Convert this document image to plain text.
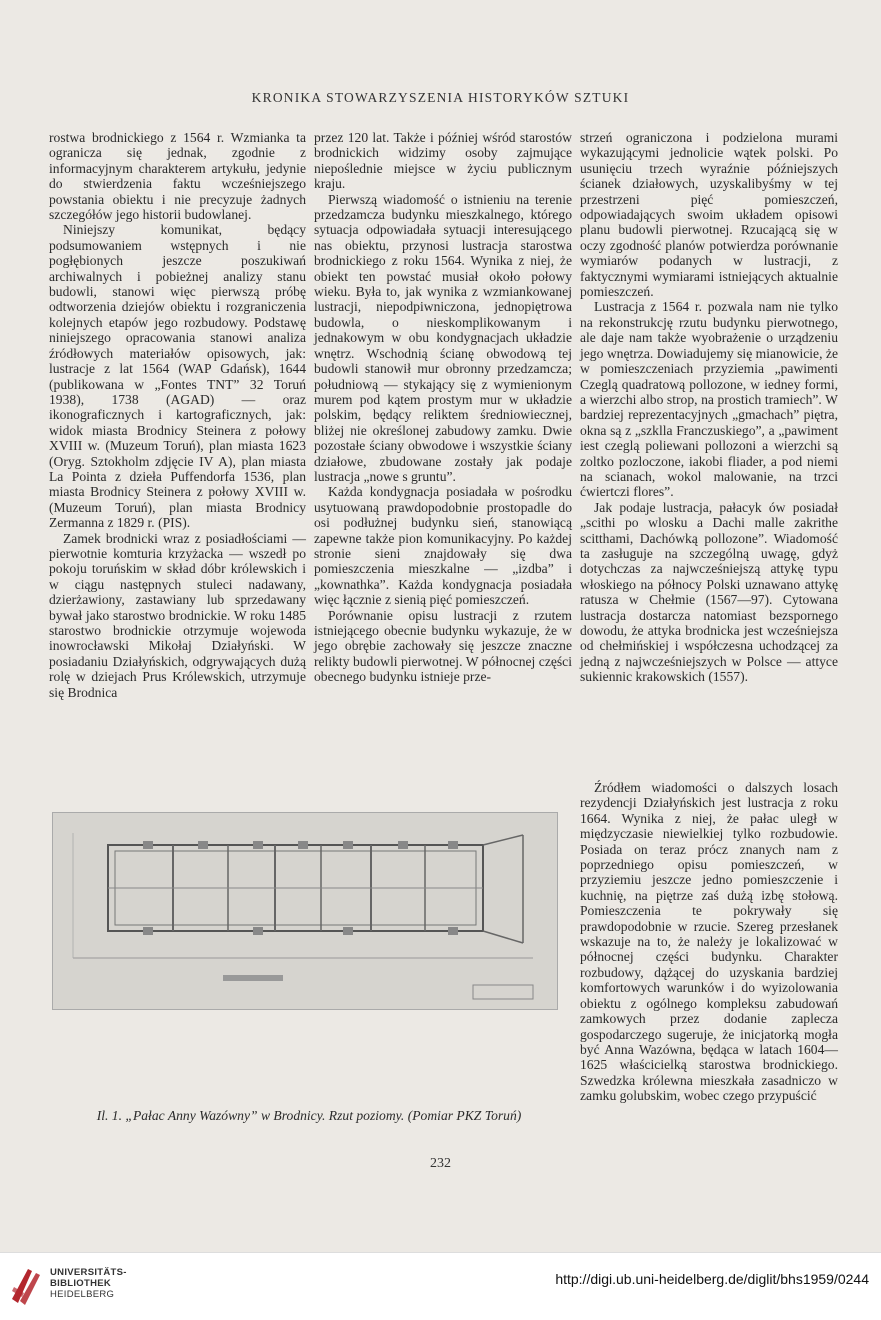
KRONIKA STOWARZYSZENIA HISTORYKÓW SZTUKI

rostwa brodnickiego z 1564 r. Wzmianka ta ogranicza się jednak, zgodnie z informacyjnym charakterem artykułu, jedynie do stwierdzenia faktu wcześniejszego powstania obiektu i nie precyzuje żadnych szczegółów jego historii budowlanej.

Niniejszy komunikat, będący podsumowaniem wstępnych i nie pogłębionych jeszcze poszukiwań archiwalnych i pobieżnej analizy stanu budowli, stanowi więc pierwszą próbę odtworzenia dziejów obiektu i rozgraniczenia kolejnych etapów jego rozbudowy. Podstawę niniejszego opracowania stanowi analiza źródłowych materiałów opisowych, jak: lustracje z lat 1564 (WAP Gdańsk), 1644 (publikowana w „Fontes TNT” 32 Toruń 1938), 1738 (AGAD) — oraz ikonograficznych i kartograficznych, jak: widok miasta Brodnicy Steinera z połowy XVIII w. (Muzeum Toruń), plan miasta 1623 (Oryg. Sztokholm zdjęcie IV A), plan miasta La Pointa z dzieła Puffendorfa 1536, plan miasta Brodnicy Steinera z połowy XVIII w. (Muzeum Toruń), plan miasta Brodnicy Zermanna z 1829 r. (PIS).

Zamek brodnicki wraz z posiadłościami — pierwotnie komturia krzyżacka — wszedł po pokoju toruńskim w skład dóbr królewskich i w ciągu następnych stuleci nadawany, dzierżawiony, zastawiany lub sprzedawany bywał jako starostwo brodnickie. W roku 1485 starostwo brodnickie otrzymuje wojewoda inowrocławski Mikołaj Działyński. W posiadaniu Działyńskich, odgrywających dużą rolę w dziejach Prus Królewskich, utrzymuje się Brodnica

przez 120 lat. Także i później wśród starostów brodnickich widzimy osoby zajmujące niepoślednie miejsce w życiu publicznym kraju.

Pierwszą wiadomość o istnieniu na terenie przedzamcza budynku mieszkalnego, którego sytuacja odpowiadała sytuacji interesującego nas obiektu, przynosi lustracja starostwa brodnickiego z roku 1564. Wynika z niej, że obiekt ten powstać musiał około połowy wieku. Była to, jak wynika z wzmiankowanej lustracji, niepodpiwniczona, jednopiętrowa budowla, o nieskomplikowanym i jednakowym w obu kondygnacjach układzie wnętrz. Wschodnią ścianę obwodową tej budowli stanowił mur obronny przedzamcza; południową — stykający się z wymienionym murem pod kątem prostym mur w układzie polskim, będący reliktem średniowiecznej, bliżej nie określonej zabudowy zamku. Dwie pozostałe ściany obwodowe i wszystkie ściany działowe, zbudowane zostały jak podaje lustracja „nowe s gruntu”.

Każda kondygnacja posiadała w pośrodku usytuowaną prawdopodobnie prostopadle do osi podłużnej budynku sień, stanowiącą zapewne także pion komunikacyjny. Po każdej stronie sieni znajdowały się dwa pomieszczenia mieszkalne — „izdba” i „kownathka”. Każda kondygnacja posiadała więc łącznie z sienią pięć pomieszczeń.

Porównanie opisu lustracji z rzutem istniejącego obecnie budynku wykazuje, że w jego obrębie zachowały się jeszcze znaczne relikty budowli pierwotnej. W północnej części obecnego budynku istnieje prze-

strzeń ograniczona i podzielona murami wykazującymi jednolicie wątek polski. Po usunięciu trzech wyraźnie późniejszych ścianek działowych, uzyskalibyśmy w tej przestrzeni pięć pomieszczeń, odpowiadających swoim układem opisowi planu budowli pierwotnej. Rzucającą się w oczy zgodność planów potwierdza porównanie wymiarów podanych w lustracji, z faktycznymi wymiarami istniejących aktualnie pomieszczeń.

Lustracja z 1564 r. pozwala nam nie tylko na rekonstrukcję rzutu budynku pierwotnego, ale daje nam także wyobrażenie o urządzeniu jego wnętrza. Dowiadujemy się mianowicie, że w pomieszczeniach przyziemia „pawimenti Czeglą quadratową pollozone, w iedney formi, a wierzchi albo strop, na prostich tramiech”. W bardziej reprezentacyjnych „gmachach” piętra, okna są z „szklla Franczuskiego”, a „pawiment iest czeglą poliewani pollozoni a wierzchi są zoltko pozloczone, iakobi fliader, a pod niemi na scianach, wokol malowanie, na trzci ćwiertczi flores”.

Jak podaje lustracja, pałacyk ów posiadał „scithi po wlosku a Dachi malle zakrithe scitthami, Dachówką pollozone”. Wiadomość ta zasługuje na szczególną uwagę, gdyż dotychczas za najwcześniejszą attykę typu włoskiego na północy Polski uznawano attykę ratusza w Chełmie (1567—97). Cytowana lustracja dostarcza natomiast bezspornego dowodu, że attyka brodnicka jest wcześniejsza od chełmińskiej i współczesna uchodzącej za jedną z najwcześniejszych w Polsce — attyce sukiennic krakowskich (1557).

Źródłem wiadomości o dalszych losach rezydencji Działyńskich jest lustracja z roku 1664. Wynika z niej, że pałac uległ w międzyczasie niewielkiej tylko rozbudowie. Posiada on teraz prócz znanych nam z poprzedniego opisu pomieszczeń, w przyziemiu jeszcze jedno pomieszczenie i kuchnię, na piętrze zaś dużą izbę stołową. Pomieszczenia te pokrywały się prawdopodobnie w rzucie. Szereg przesłanek wskazuje na to, że należy je lokalizować w północnej części budynku. Charakter rozbudowy, dążącej do uzyskania bardziej komfortowych warunków i do wyizolowania obiektu z ogólnego kompleksu zabudowań zamkowych przez dodanie zaplecza gospodarczego sugeruje, że inicjatorką mogła być Anna Wazówna, będąca w latach 1604—1625 właścicielką starostwa brodnickiego. Szwedzka królewna mieszkała zasadniczo w zamku golubskim, wobec czego przypuścić

Il. 1. „Pałac Anny Wazówny” w Brodnicy. Rzut poziomy. (Pomiar PKZ Toruń)
232
UNIVERSITÄTS-
BIBLIOTHEK
HEIDELBERG
http://digi.ub.uni-heidelberg.de/diglit/bhs1959/0244
